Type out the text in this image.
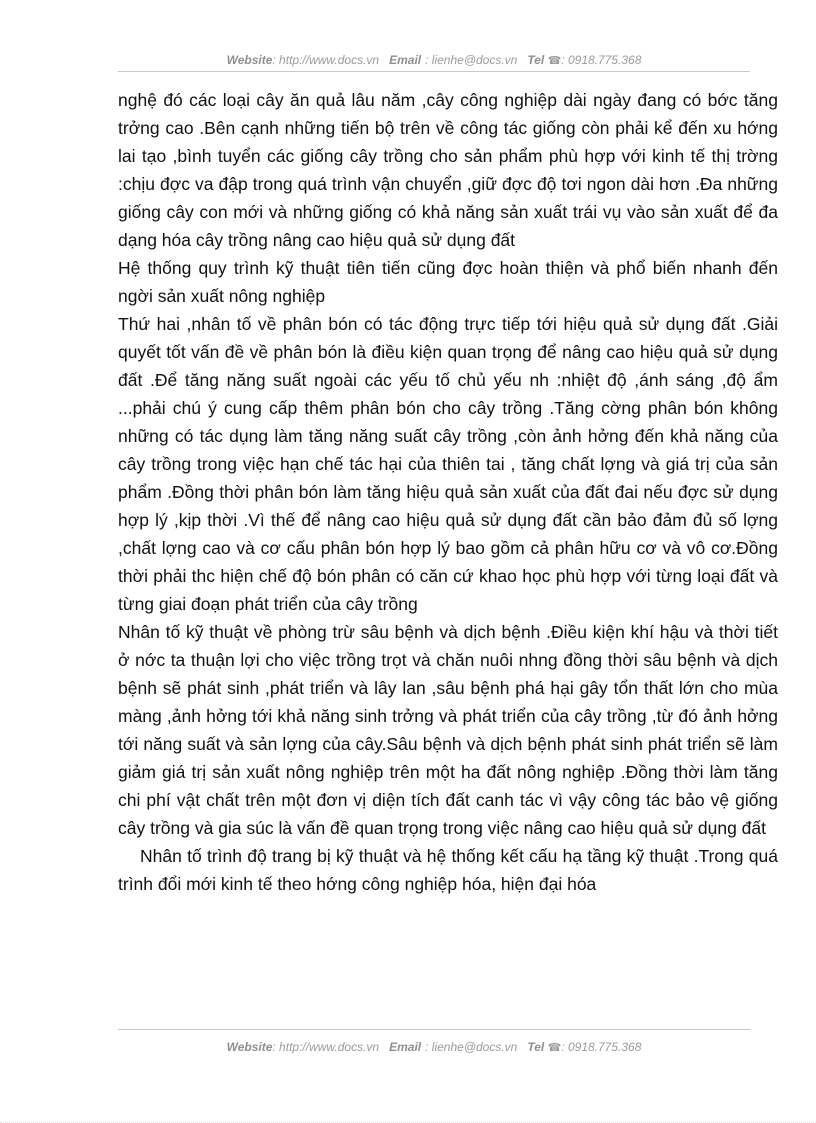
Website: http://www.docs.vn Email : lienhe@docs.vn Tel ☎: 0918.775.368

nghệ đó các loại cây ăn quả lâu năm ,cây công nghiệp dài ngày đang có bớc tăng trởng cao .Bên cạnh những tiến bộ trên về công tác giống còn phải kể đến xu hớng lai tạo ,bình tuyển các giống cây trồng cho sản phẩm phù hợp với kinh tế thị trờng :chịu đợc va đập trong quá trình vận chuyển ,giữ đợc độ tơi ngon dài hơn .Đa những giống cây con mới và những giống có khả năng sản xuất trái vụ vào sản xuất để đa dạng hóa cây trồng nâng cao hiệu quả sử dụng đất

Hệ thống quy trình kỹ thuật tiên tiến cũng đợc hoàn thiện và phổ biến nhanh đến ngời sản xuất nông nghiệp

Thứ hai ,nhân tố về phân bón có tác động trực tiếp tới hiệu quả sử dụng đất .Giải quyết tốt vấn đề về phân bón là điều kiện quan trọng để nâng cao hiệu quả sử dụng đất .Để tăng năng suất ngoài các yếu tố chủ yếu nh :nhiệt độ ,ánh sáng ,độ ẩm ...phải chú ý cung cấp thêm phân bón cho cây trồng .Tăng cờng phân bón không những có tác dụng làm tăng năng suất cây trồng ,còn ảnh hởng đến khả năng của cây trồng trong việc hạn chế tác hại của thiên tai , tăng chất lợng và giá trị của sản phẩm .Đồng thời phân bón làm tăng hiệu quả sản xuất của đất đai nếu đợc sử dụng hợp lý ,kịp thời .Vì thế để nâng cao hiệu quả sử dụng đất cần bảo đảm đủ số lợng ,chất lợng cao và cơ cấu phân bón hợp lý bao gồm cả phân hữu cơ và vô cơ.Đồng thời phải thc hiện chế độ bón phân có căn cứ khao học phù hợp với từng loại đất và từng giai đoạn phát triển của cây trồng

Nhân tố kỹ thuật về phòng trừ sâu bệnh và dịch bệnh .Điều kiện khí hậu và thời tiết ở nớc ta thuận lợi cho việc trồng trọt và chăn nuôi nhng đồng thời sâu bệnh và dịch bệnh sẽ phát sinh ,phát triển và lây lan ,sâu bệnh phá hại gây tổn thất lớn cho mùa màng ,ảnh hởng tới khả năng sinh trởng và phát triển của cây trồng ,từ đó ảnh hởng tới năng suất và sản lợng của cây.Sâu bệnh và dịch bệnh phát sinh phát triển sẽ làm giảm giá trị sản xuất nông nghiệp trên một ha đất nông nghiệp .Đồng thời làm tăng chi phí vật chất trên một đơn vị diện tích đất canh tác vì vậy công tác bảo vệ giống cây trồng và gia súc là vấn đề quan trọng trong việc nâng cao hiệu quả sử dụng đất

Nhân tố trình độ trang bị kỹ thuật và hệ thống kết cấu hạ tầng kỹ thuật .Trong quá trình đổi mới kinh tế theo hớng công nghiệp hóa, hiện đại hóa

Website: http://www.docs.vn Email : lienhe@docs.vn Tel ☎: 0918.775.368
